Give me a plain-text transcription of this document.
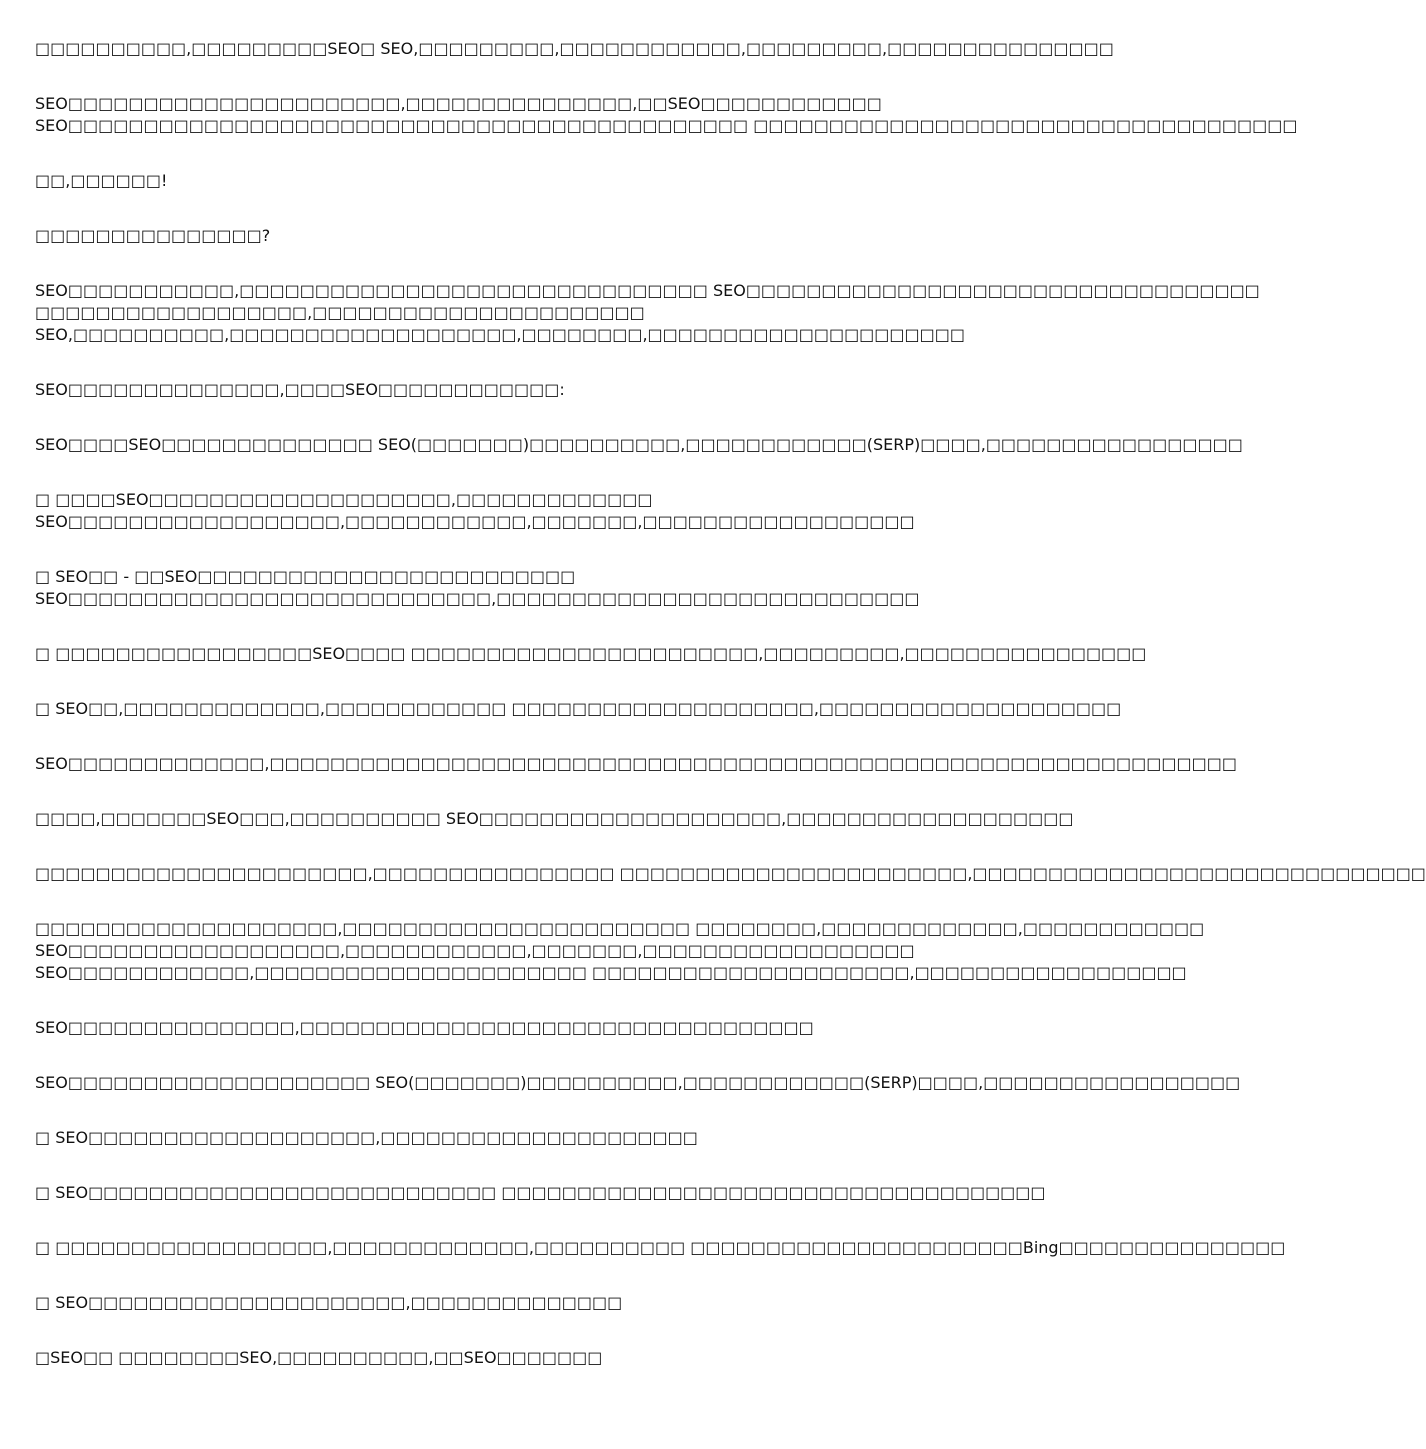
□□□□□□□□□□,□□□□□□□□□SEO□ SEO,□□□□□□□□□,□□□□□□□□□□□□,□□□□□□□□□,□□□□□□□□□□□□□□□
SEO□□□□□□□□□□□□□□□□□□□□□□,□□□□□□□□□□□□□□□,□□SEO□□□□□□□□□□□□
SEO□□□□□□□□□□□□□□□□□□□□□□□□□□□□□□□□□□□□□□□□□□□□□ □□□□□□□□□□□□□□□□□□□□□□□□□□□□□□□□□□□□
□□,□□□□□□!
□□□□□□□□□□□□□□□?
SEO□□□□□□□□□□□,□□□□□□□□□□□□□□□□□□□□□□□□□□□□□□□ SEO□□□□□□□□□□□□□□□□□□□□□□□□□□□□□□□□□□
□□□□□□□□□□□□□□□□□□,□□□□□□□□□□□□□□□□□□□□□□
SEO,□□□□□□□□□□,□□□□□□□□□□□□□□□□□□□,□□□□□□□□,□□□□□□□□□□□□□□□□□□□□□
SEO□□□□□□□□□□□□□□,□□□□SEO□□□□□□□□□□□□:
SEO□□□□SEO□□□□□□□□□□□□□□ SEO(□□□□□□□)□□□□□□□□□□,□□□□□□□□□□□□(SERP)□□□□,□□□□□□□□□□□□□□□□□
□ □□□□SEO□□□□□□□□□□□□□□□□□□□□,□□□□□□□□□□□□□
SEO□□□□□□□□□□□□□□□□□□,□□□□□□□□□□□□,□□□□□□□,□□□□□□□□□□□□□□□□□□
□ SEO□□ - □□SEO□□□□□□□□□□□□□□□□□□□□□□□□□
SEO□□□□□□□□□□□□□□□□□□□□□□□□□□□□,□□□□□□□□□□□□□□□□□□□□□□□□□□□□
□ □□□□□□□□□□□□□□□□□SEO□□□□ □□□□□□□□□□□□□□□□□□□□□□□,□□□□□□□□□,□□□□□□□□□□□□□□□□
□ SEO□□,□□□□□□□□□□□□□,□□□□□□□□□□□□ □□□□□□□□□□□□□□□□□□□□,□□□□□□□□□□□□□□□□□□□□
SEO□□□□□□□□□□□□□,□□□□□□□□□□□□□□□□□□□□□□□□□□□□□□□□□□□□□□□□□□□□□□□□□□□□□□□□□□□□□□□□
□□□□,□□□□□□□SEO□□□,□□□□□□□□□□ SEO□□□□□□□□□□□□□□□□□□□□,□□□□□□□□□□□□□□□□□□□
□□□□□□□□□□□□□□□□□□□□□□,□□□□□□□□□□□□□□□□ □□□□□□□□□□□□□□□□□□□□□□□,□□□□□□□□□□□□□□□□□□□□□□□□□□□□□□
□□□□□□□□□□□□□□□□□□□□,□□□□□□□□□□□□□□□□□□□□□□□ □□□□□□□□,□□□□□□□□□□□□□,□□□□□□□□□□□□
SEO□□□□□□□□□□□□□□□□□□,□□□□□□□□□□□□,□□□□□□□,□□□□□□□□□□□□□□□□□□
SEO□□□□□□□□□□□□,□□□□□□□□□□□□□□□□□□□□□□ □□□□□□□□□□□□□□□□□□□□□,□□□□□□□□□□□□□□□□□□
SEO□□□□□□□□□□□□□□□,□□□□□□□□□□□□□□□□□□□□□□□□□□□□□□□□□□
SEO□□□□□□□□□□□□□□□□□□□□ SEO(□□□□□□□)□□□□□□□□□□,□□□□□□□□□□□□(SERP)□□□□,□□□□□□□□□□□□□□□□□
□ SEO□□□□□□□□□□□□□□□□□□□,□□□□□□□□□□□□□□□□□□□□□
□ SEO□□□□□□□□□□□□□□□□□□□□□□□□□□□ □□□□□□□□□□□□□□□□□□□□□□□□□□□□□□□□□□□□
□ □□□□□□□□□□□□□□□□□□,□□□□□□□□□□□□□,□□□□□□□□□□ □□□□□□□□□□□□□□□□□□□□□□Bing□□□□□□□□□□□□□□□
□ SEO□□□□□□□□□□□□□□□□□□□□□,□□□□□□□□□□□□□□
□SEO□□ □□□□□□□□SEO,□□□□□□□□□□,□□SEO□□□□□□□
